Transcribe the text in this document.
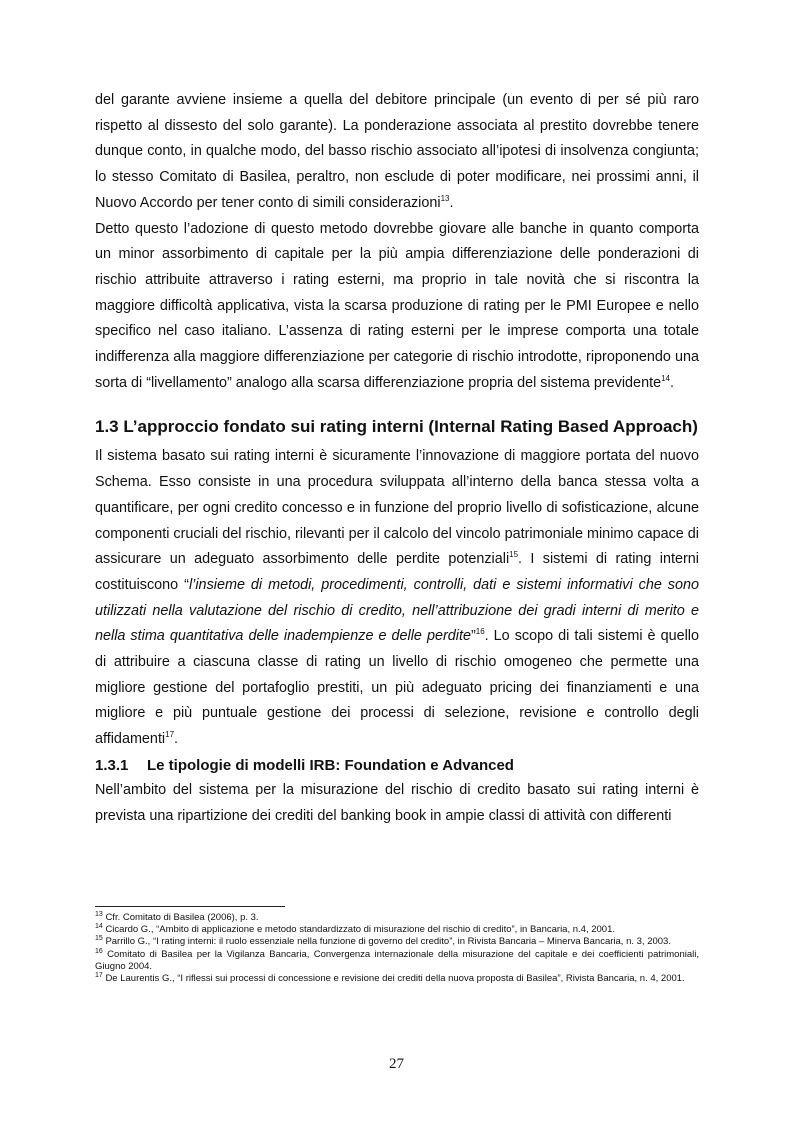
del garante avviene insieme a quella del debitore principale (un evento di per sé più raro rispetto al dissesto del solo garante). La ponderazione associata al prestito dovrebbe tenere dunque conto, in qualche modo, del basso rischio associato all’ipotesi di insolvenza congiunta; lo stesso Comitato di Basilea, peraltro, non esclude di poter modificare, nei prossimi anni, il Nuovo Accordo per tener conto di simili considerazioni$^{13}$.

Detto questo l’adozione di questo metodo dovrebbe giovare alle banche in quanto comporta un minor assorbimento di capitale per la più ampia differenziazione delle ponderazioni di rischio attribuite attraverso i rating esterni, ma proprio in tale novità che si riscontra la maggiore difficoltà applicativa, vista la scarsa produzione di rating per le PMI Europee e nello specifico nel caso italiano. L’assenza di rating esterni per le imprese comporta una totale indifferenza alla maggiore differenziazione per categorie di rischio introdotte, riproponendo una sorta di “livellamento” analogo alla scarsa differenziazione propria del sistema previdente$^{14}$.

1.3 L’approccio fondato sui rating interni (Internal Rating Based Approach)

Il sistema basato sui rating interni è sicuramente l’innovazione di maggiore portata del nuovo Schema. Esso consiste in una procedura sviluppata all’interno della banca stessa volta a quantificare, per ogni credito concesso e in funzione del proprio livello di sofisticazione, alcune componenti cruciali del rischio, rilevanti per il calcolo del vincolo patrimoniale minimo capace di assicurare un adeguato assorbimento delle perdite potenziali$^{15}$. I sistemi di rating interni costituiscono “l’insieme di metodi, procedimenti, controlli, dati e sistemi informativi che sono utilizzati nella valutazione del rischio di credito, nell’attribuzione dei gradi interni di merito e nella stima quantitativa delle inadempienze e delle perdite”$^{16}$. Lo scopo di tali sistemi è quello di attribuire a ciascuna classe di rating un livello di rischio omogeneo che permette una migliore gestione del portafoglio prestiti, un più adeguato pricing dei finanziamenti e una migliore e più puntuale gestione dei processi di selezione, revisione e controllo degli affidamenti$^{17}$.

1.3.1 Le tipologie di modelli IRB: Foundation e Advanced

Nell’ambito del sistema per la misurazione del rischio di credito basato sui rating interni è prevista una ripartizione dei crediti del banking book in ampie classi di attività con differenti

$^{13}$ Cfr. Comitato di Basilea (2006), p. 3.

$^{14}$ Cicardo G., “Ambito di applicazione e metodo standardizzato di misurazione del rischio di credito”, in Bancaria, n.4, 2001.

$^{15}$ Parrillo G., “I rating interni: il ruolo essenziale nella funzione di governo del credito”, in Rivista Bancaria – Minerva Bancaria, n. 3, 2003.

$^{16}$ Comitato di Basilea per la Vigilanza Bancaria, Convergenza internazionale della misurazione del capitale e dei coefficienti patrimoniali, Giugno 2004.

$^{17}$ De Laurentis G., “I riflessi sui processi di concessione e revisione dei crediti della nuova proposta di Basilea”, Rivista Bancaria, n. 4, 2001.

27
